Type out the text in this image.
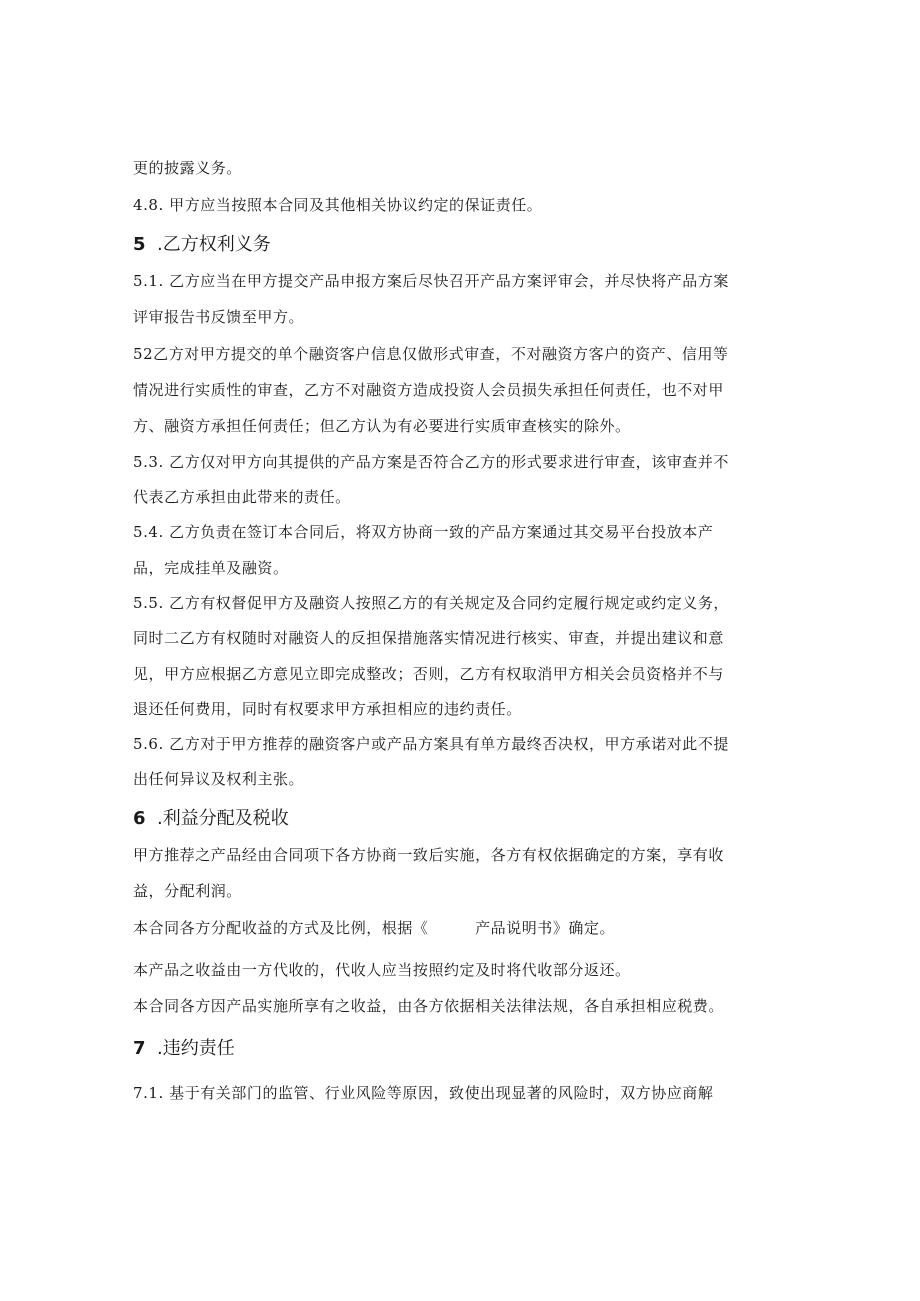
更的披露义务。
4.8. 甲方应当按照本合同及其他相关协议约定的保证责任。
5 .乙方权利义务
5.1. 乙方应当在甲方提交产品申报方案后尽快召开产品方案评审会，并尽快将产品方案
评审报告书反馈至甲方。
52乙方对甲方提交的单个融资客户信息仅做形式审查，不对融资方客户的资产、信用等
情况进行实质性的审查，乙方不对融资方造成投资人会员损失承担任何责任，也不对甲
方、融资方承担任何责任；但乙方认为有必要进行实质审查核实的除外。
5.3. 乙方仅对甲方向其提供的产品方案是否符合乙方的形式要求进行审查，该审查并不
代表乙方承担由此带来的责任。
5.4. 乙方负责在签订本合同后，将双方协商一致的产品方案通过其交易平台投放本产
品，完成挂单及融资。
5.5. 乙方有权督促甲方及融资人按照乙方的有关规定及合同约定履行规定或约定义务，
同时二乙方有权随时对融资人的反担保措施落实情况进行核实、审查，并提出建议和意
见，甲方应根据乙方意见立即完成整改；否则，乙方有权取消甲方相关会员资格并不与
退还任何费用，同时有权要求甲方承担相应的违约责任。
5.6. 乙方对于甲方推荐的融资客户或产品方案具有单方最终否决权，甲方承诺对此不提
出任何异议及权利主张。
6 .利益分配及税收
甲方推荐之产品经由合同项下各方协商一致后实施，各方有权依据确定的方案，享有收
益，分配利润。
本合同各方分配收益的方式及比例，根据《　　　产品说明书》确定。
本产品之收益由一方代收的，代收人应当按照约定及时将代收部分返还。
本合同各方因产品实施所享有之收益，由各方依据相关法律法规，各自承担相应税费。
7 .违约责任
7.1. 基于有关部门的监管、行业风险等原因，致使出现显著的风险时，双方协应商解
